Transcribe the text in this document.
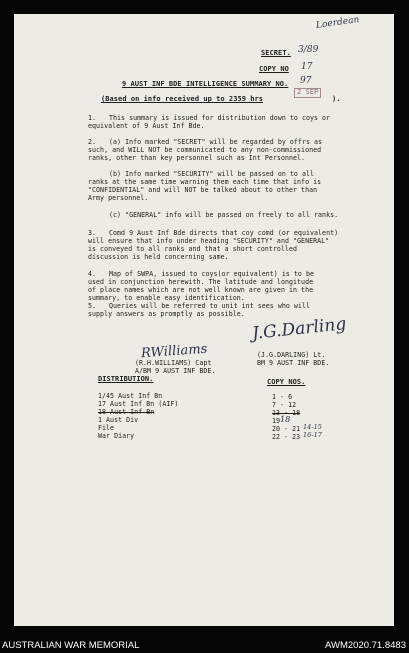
Loerdean
SECRET. 3/89
COPY NO 17
9 AUST INF BDE INTELLIGENCE SUMMARY NO. 97
2 SEP
(Based on info received up to 2359 hrs	).
1. This summary is issued for distribution down to coys or
equivalent of 9 Aust Inf Bde.
2. (a) Info marked "SECRET" will be regarded by offrs as
such, and WILL NOT be communicated to any non-commissioned
ranks, other than key personnel such as Int Personnel.
(b) Info marked "SECURITY" will be passed on to all
ranks at the same time warning them each time that info is
"CONFIDENTIAL" and will NOT be talked about to other than
Army personnel.
(c) "GENERAL" info will be passed on freely to all ranks.
3. Comd 9 Aust Inf Bde directs that coy comd (or equivalent)
will ensure that info under heading "SECURITY" and "GENERAL"
is conveyed to all ranks and that a short controlled
discussion is held concerning same.
4. Map of SWPA, issued to coys(or equivalent) is to be
used in conjunction herewith. The latitude and longitude
of place names which are not well known are given in the
summary, to enable easy identification.
5. Queries will be referred to unit int sees who will
supply answers as promptly as possible.
J.G.Darling
(J.G.DARLING) Lt.
BM 9 AUST INF BDE.
RWilliams
(R.H.WILLIAMS) Capt
A/BM 9 AUST INF BDE.
DISTRIBUTION.	COPY NOS.
1/45 Aust Inf Bn	1 - 6
17 Aust Inf Bn (AIF)	7 - 12
18 Aust Inf Bn	13 - 18
1 Aust Div	19 18
File	20 - 21 14-15
War Diary	22 - 23 16-17
AUSTRALIAN WAR MEMORIAL	AWM2020.71.8483
